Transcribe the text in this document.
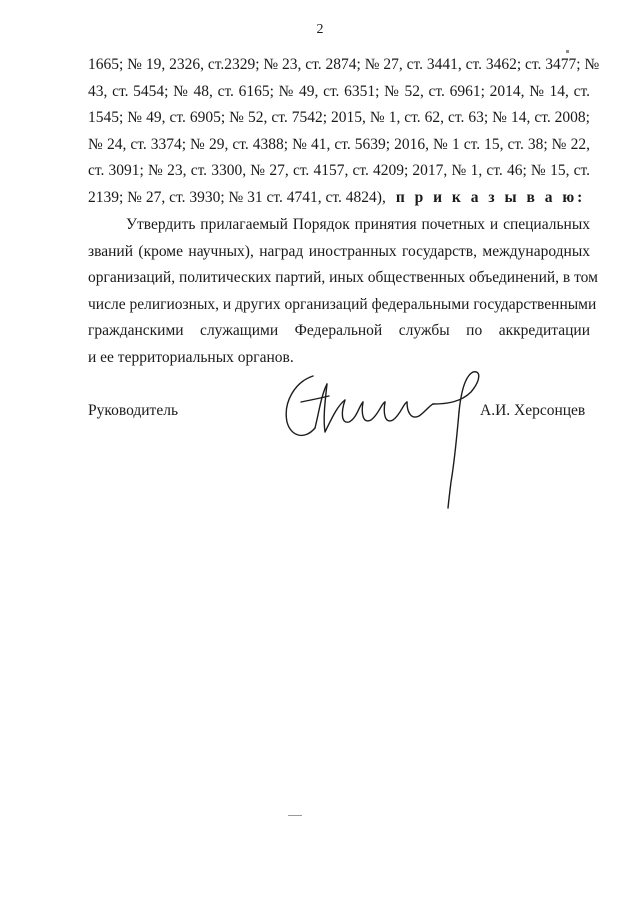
2
1665; № 19, 2326, ст.2329; № 23, ст. 2874; № 27, ст. 3441, ст. 3462; ст. 3477; №
43, ст. 5454; № 48, ст. 6165; № 49, ст. 6351; № 52, ст. 6961; 2014, № 14, ст.
1545; № 49, ст. 6905; № 52, ст. 7542; 2015, № 1, ст. 62, ст. 63; № 14, ст. 2008;
№ 24, ст. 3374; № 29, ст. 4388; № 41, ст. 5639; 2016, № 1 ст. 15, ст. 38; № 22,
ст. 3091; № 23, ст. 3300, № 27, ст. 4157, ст. 4209; 2017, № 1, ст. 46; № 15, ст.
2139; № 27, ст. 3930; № 31 ст. 4741, ст. 4824), п р и к а з ы в а ю:
Утвердить прилагаемый Порядок принятия почетных и специальных
званий (кроме научных), наград иностранных государств, международных
организаций, политических партий, иных общественных объединений, в том
числе религиозных, и других организаций федеральными государственными
гражданскими служащими Федеральной службы по аккредитации
и ее территориальных органов.
Руководитель	А.И. Херсонцев
